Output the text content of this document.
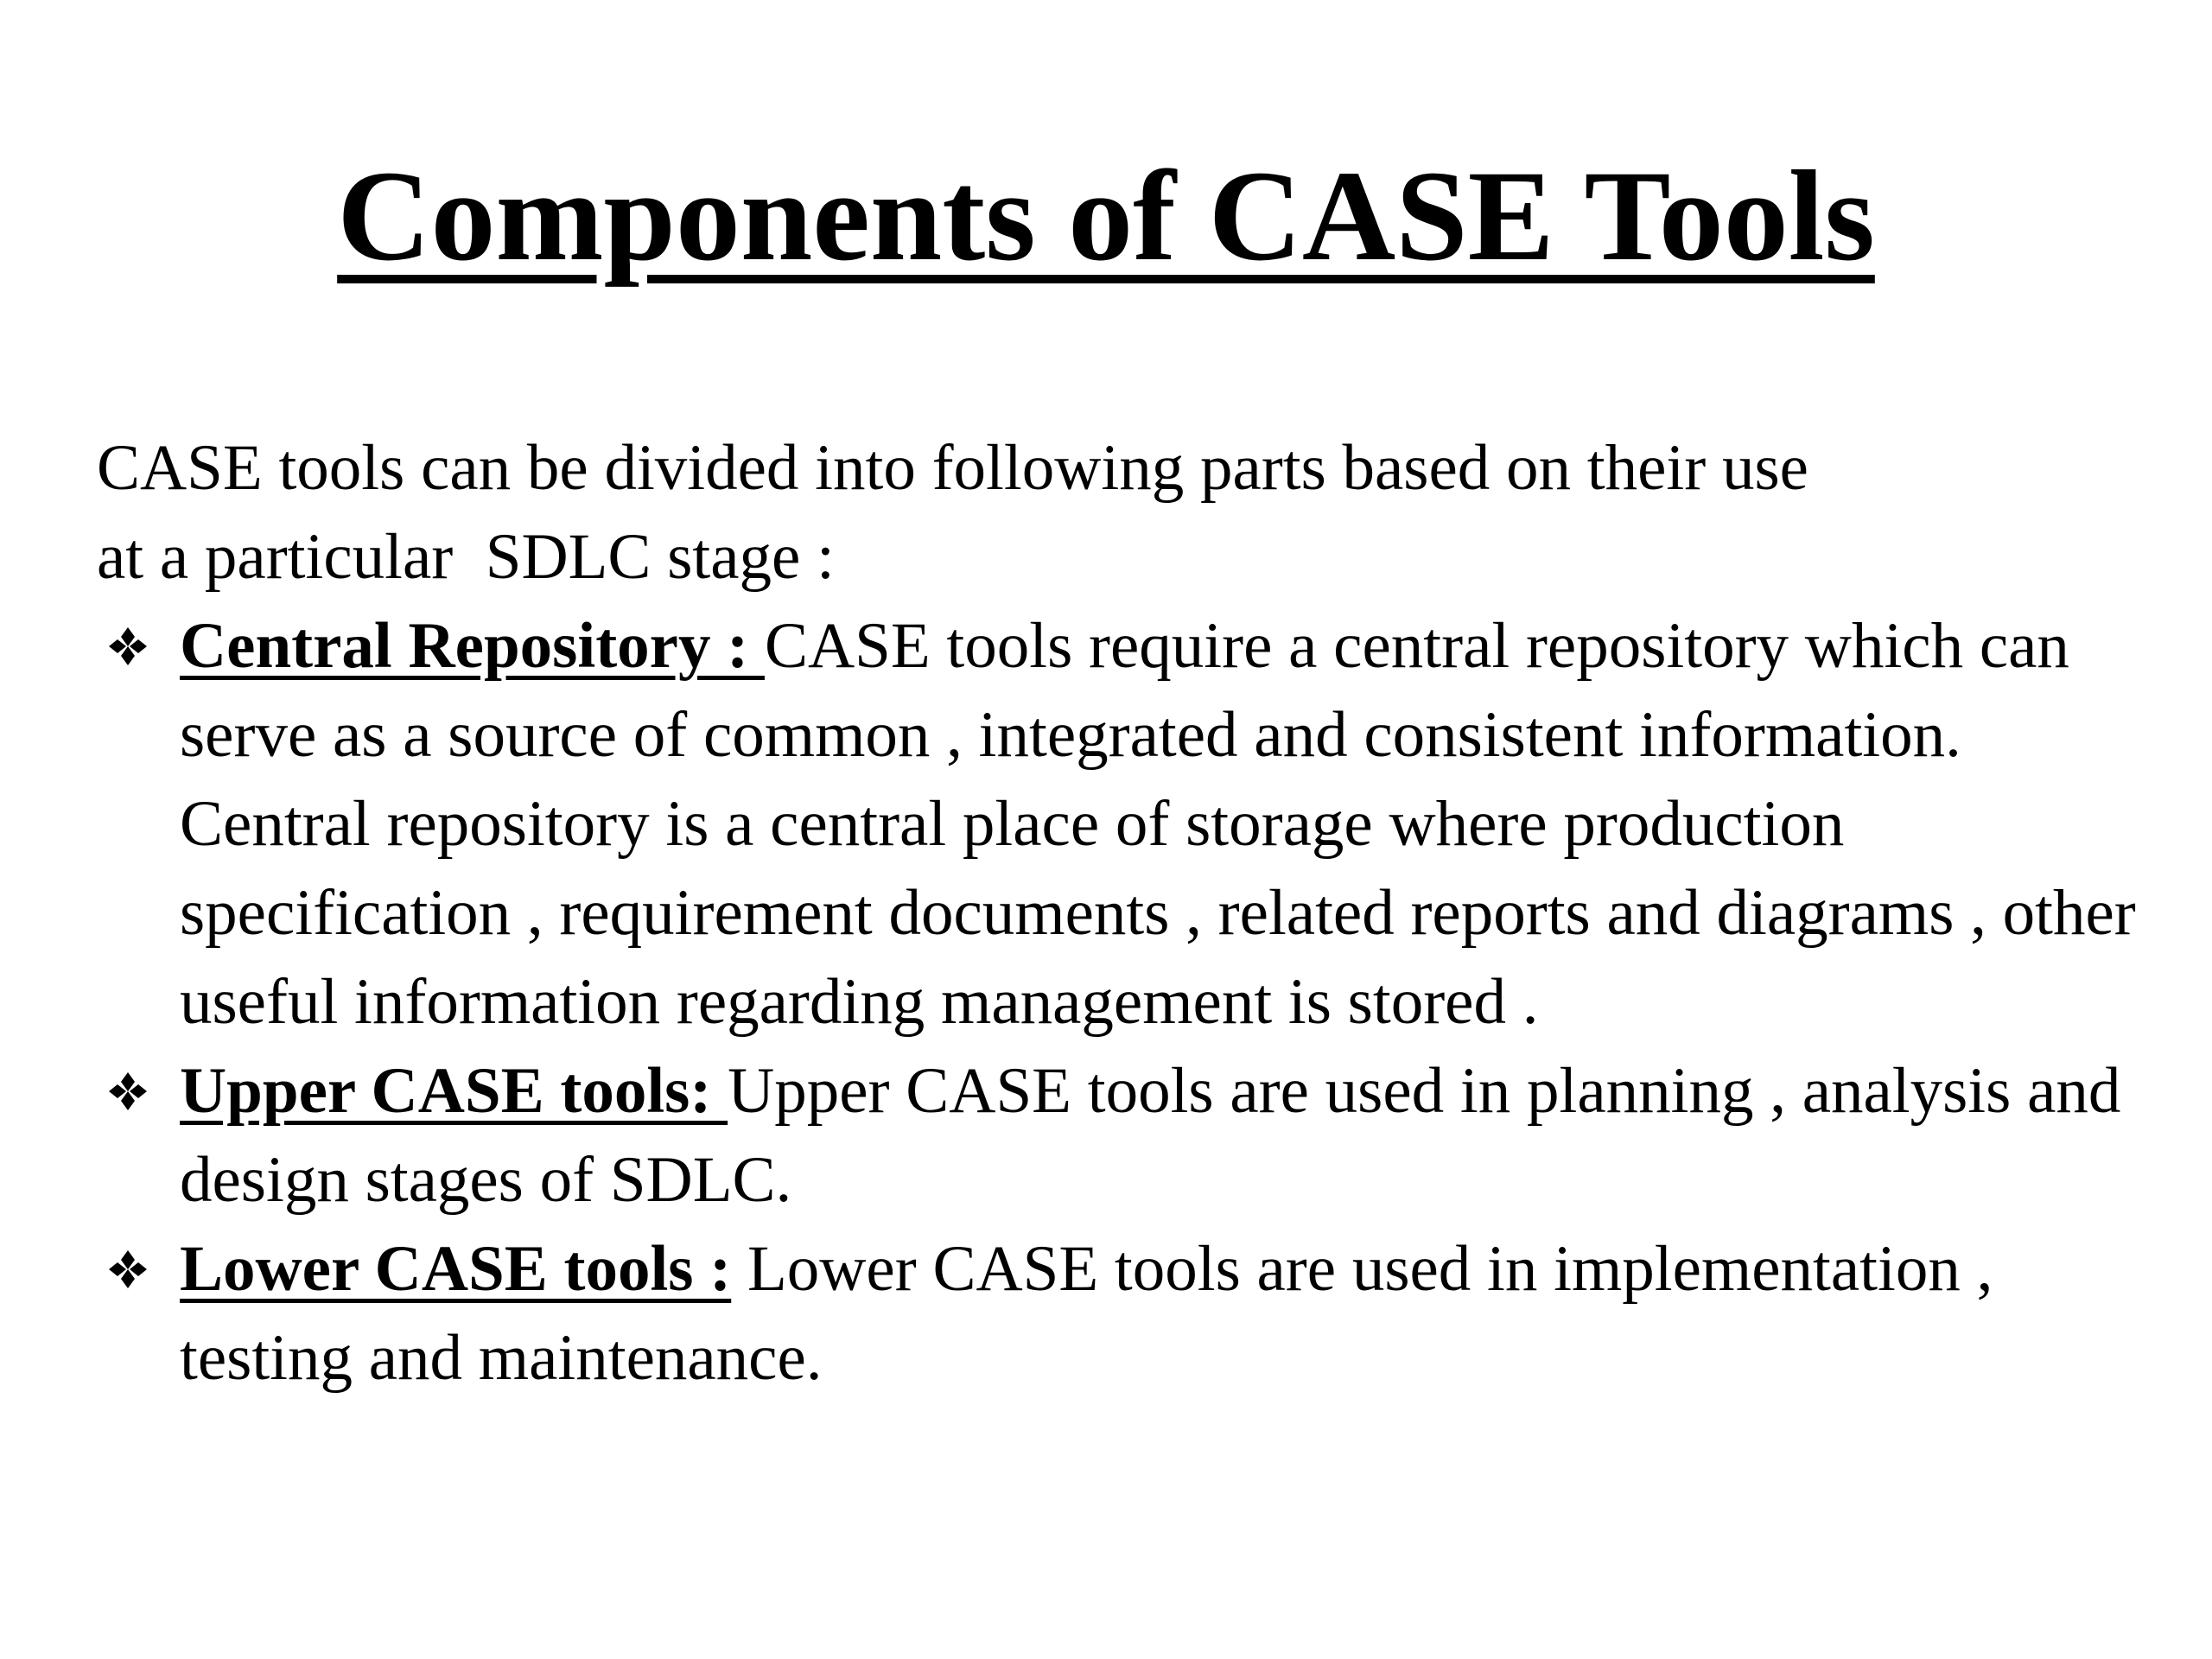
Components of CASE Tools

CASE tools can be divided into following parts based on their use
at a particular  SDLC stage :

Central Repository : CASE tools require a central repository which can serve as a source of common , integrated and consistent information. Central repository is a central place of storage where production specification , requirement documents , related reports and diagrams , other useful information regarding management is stored .
Upper CASE tools: Upper CASE tools are used in planning , analysis and design stages of SDLC.
Lower CASE tools : Lower CASE tools are used in implementation , testing and maintenance.
